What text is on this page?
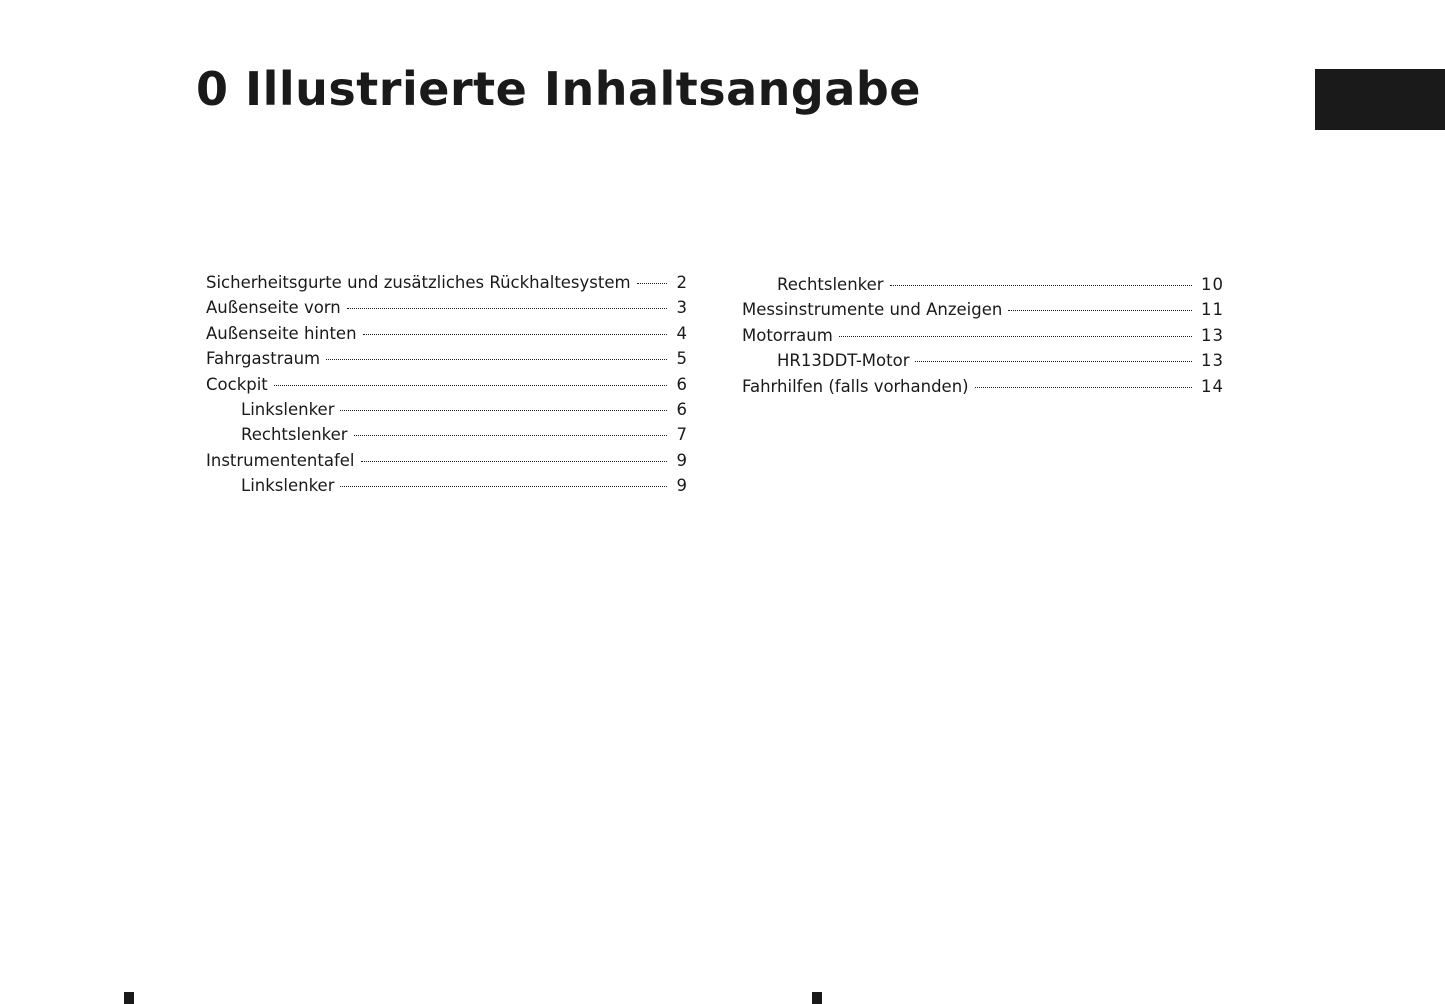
0 Illustrierte Inhaltsangabe
Sicherheitsgurte und zusätzliches Rückhaltesystem	2
Außenseite vorn	3
Außenseite hinten	4
Fahrgastraum	5
Cockpit	6
Linkslenker	6
Rechtslenker	7
Instrumententafel	9
Linkslenker	9
Rechtslenker	10
Messinstrumente und Anzeigen	11
Motorraum	13
HR13DDT-Motor	13
Fahrhilfen (falls vorhanden)	14
